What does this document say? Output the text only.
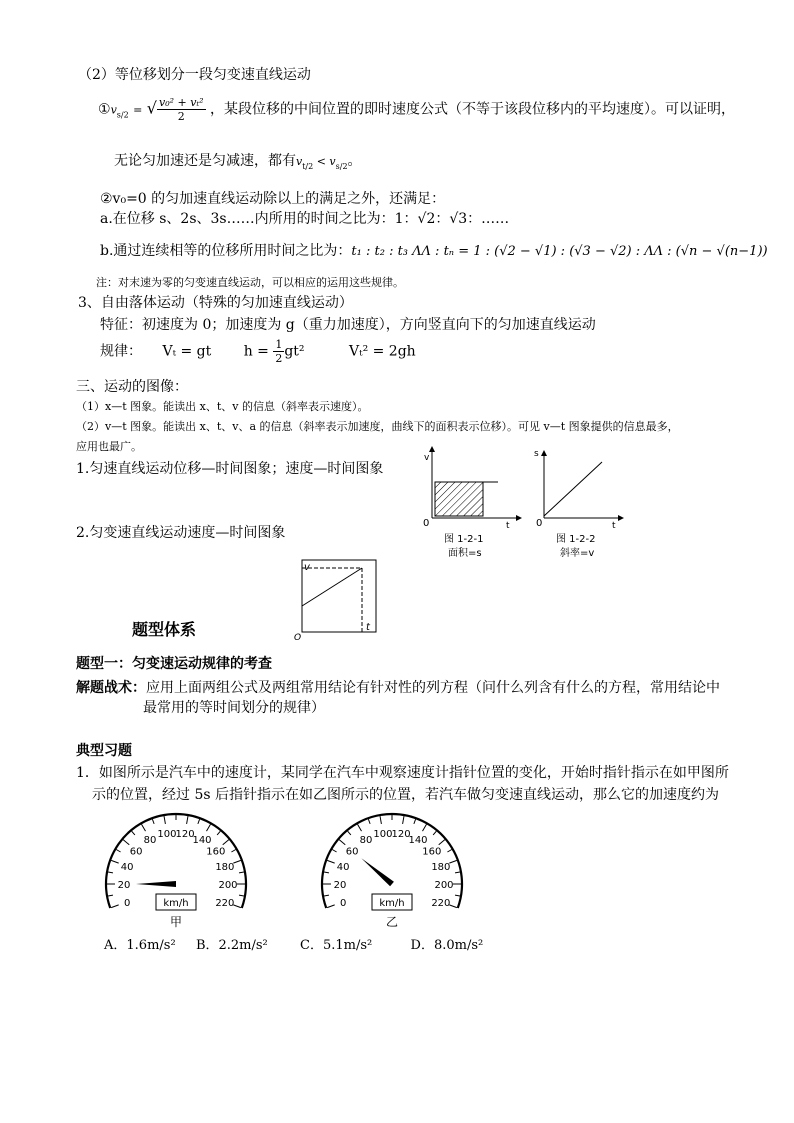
（2）等位移划分一段匀变速直线运动
$①v_{s/2}$ = √ $\frac{\text{v₀² + vₜ²}}{2}$ ，某段位移的中间位置的即时速度公式（不等于该段位移内的平均速度）。可以证明，
无论匀加速还是匀减速，都有$v_{t/2} < v_{s/2}$。
②v₀=0 的匀加速直线运动除以上的满足之外，还满足：
a.在位移 s、2s、3s……内所用的时间之比为：1：√2：√3：……
b.通过连续相等的位移所用时间之比为：t₁ : t₂ : t₃ ΛΛ : tₙ = 1 : (√2 − √1) : (√3 − √2) : ΛΛ : (√n − √(n−1))
注：对末速为零的匀变速直线运动，可以相应的运用这些规律。
3、自由落体运动（特殊的匀加速直线运动）
特征：初速度为 0；加速度为 g（重力加速度），方向竖直向下的匀加速直线运动
规律： Vₜ = gt $h = \frac{1}{2} gt^2$	Vₜ² = 2gh
三、运动的图像：
（1）x—t 图象。能读出 x、t、v 的信息（斜率表示速度）。
（2）v—t 图象。能读出 x、t、v、a 的信息（斜率表示加速度，曲线下的面积表示位移）。可见 v—t 图象提供的信息最多，
应用也最广。
1.匀速直线运动位移—时间图象；速度—时间图象
2.匀变速直线运动速度—时间图象
v
t
0
图 1-2-1
面积=s
s
t
0
图 1-2-2
斜率=v
v
t
O
题型体系
题型一：匀变速运动规律的考查
解题战术：应用上面两组公式及两组常用结论有针对性的列方程（问什么列含有什么的方程，常用结论中
最常用的等时间划分的规律）
典型习题
1．如图所示是汽车中的速度计，某同学在汽车中观察速度计指针位置的变化，开始时指针指示在如甲图所
示的位置，经过 5s 后指针指示在如乙图所示的位置，若汽车做匀变速直线运动，那么它的加速度约为
0
20
40
60
80
100
120
140
160
180
200
220
km/h
甲
0
20
40
60
80
100
120
140
160
180
200
220
km/h
乙
A．1.6m/s² B．2.2m/s² C．5.1m/s²	D．8.0m/s²
